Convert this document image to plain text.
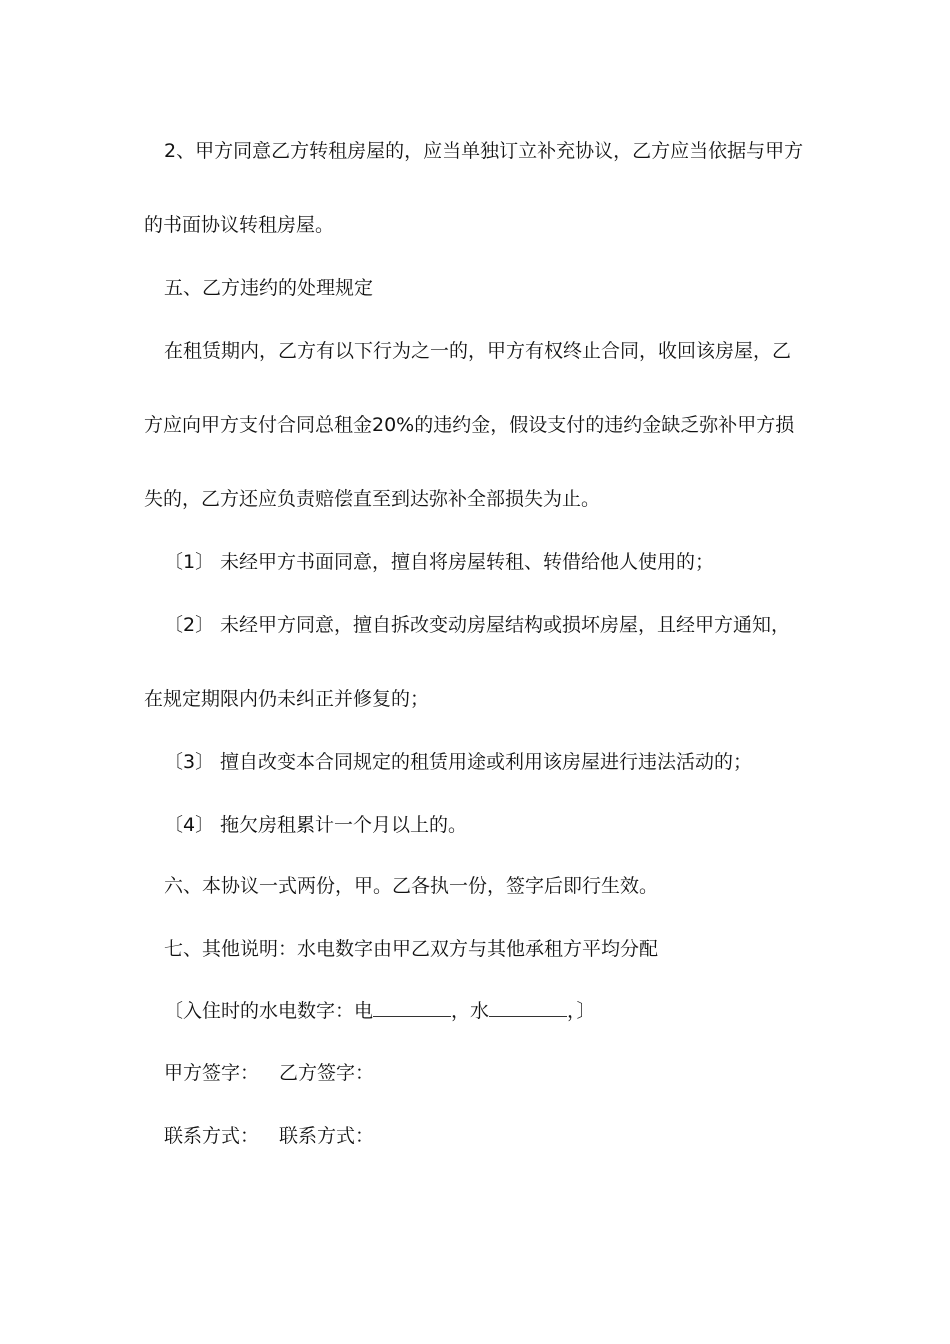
2、甲方同意乙方转租房屋的，应当单独订立补充协议，乙方应当依据与甲方
的书面协议转租房屋。
五、乙方违约的处理规定
在租赁期内，乙方有以下行为之一的，甲方有权终止合同，收回该房屋，乙
方应向甲方支付合同总租金20%的违约金，假设支付的违约金缺乏弥补甲方损
失的，乙方还应负责赔偿直至到达弥补全部损失为止。
〔1〕 未经甲方书面同意，擅自将房屋转租、转借给他人使用的；
〔2〕 未经甲方同意，擅自拆改变动房屋结构或损坏房屋，且经甲方通知，
在规定期限内仍未纠正并修复的；
〔3〕 擅自改变本合同规定的租赁用途或利用该房屋进行违法活动的；
〔4〕 拖欠房租累计一个月以上的。
六、本协议一式两份，甲。乙各执一份，签字后即行生效。
七、其他说明：水电数字由甲乙双方与其他承租方平均分配
〔入住时的水电数字：电	，水	，〕
甲方签字： 乙方签字：
联系方式： 联系方式：
